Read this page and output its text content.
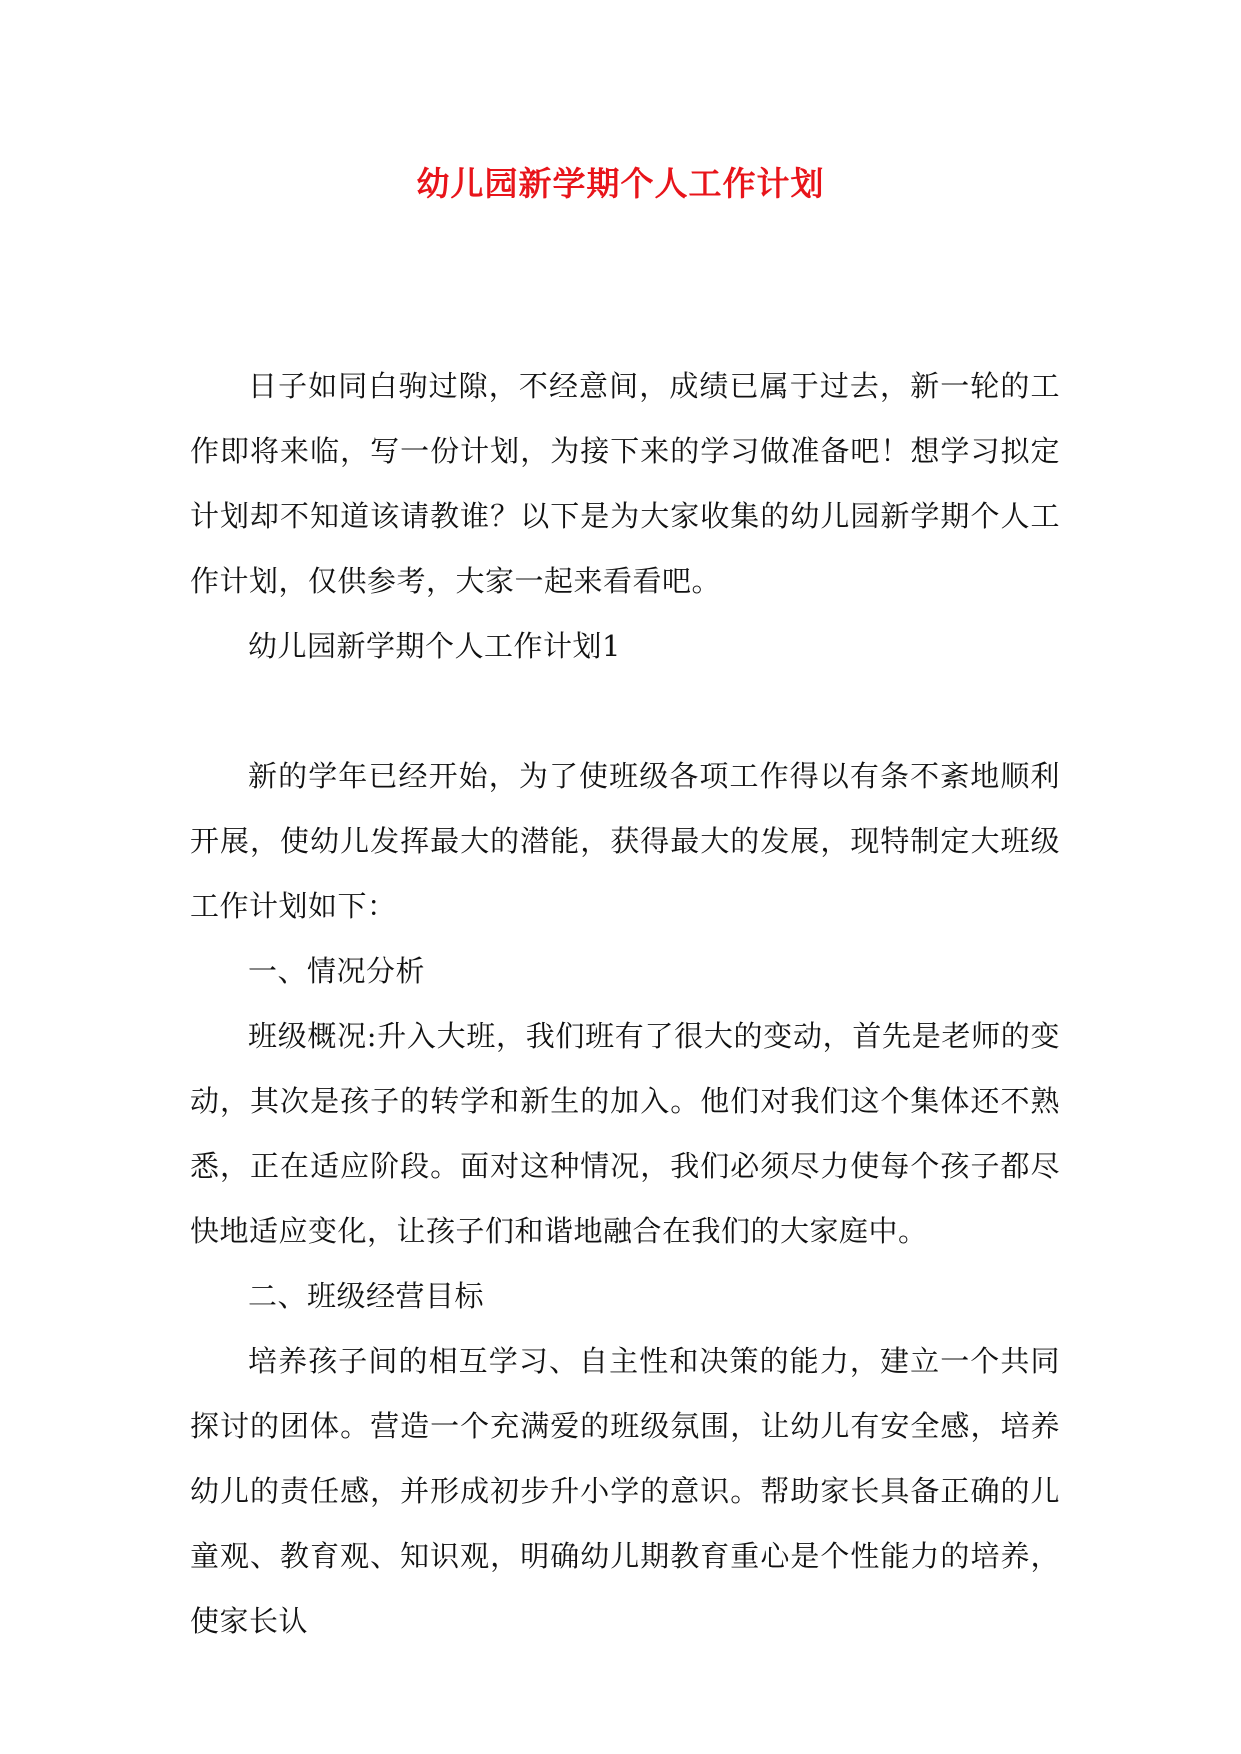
幼儿园新学期个人工作计划

日子如同白驹过隙，不经意间，成绩已属于过去，新一轮的工作即将来临，写一份计划，为接下来的学习做准备吧！想学习拟定计划却不知道该请教谁？以下是为大家收集的幼儿园新学期个人工作计划，仅供参考，大家一起来看看吧。

幼儿园新学期个人工作计划1

新的学年已经开始，为了使班级各项工作得以有条不紊地顺利开展，使幼儿发挥最大的潜能，获得最大的发展，现特制定大班级工作计划如下：

一、情况分析

班级概况:升入大班，我们班有了很大的变动，首先是老师的变动，其次是孩子的转学和新生的加入。他们对我们这个集体还不熟悉，正在适应阶段。面对这种情况，我们必须尽力使每个孩子都尽快地适应变化，让孩子们和谐地融合在我们的大家庭中。

二、班级经营目标

培养孩子间的相互学习、自主性和决策的能力，建立一个共同探讨的团体。营造一个充满爱的班级氛围，让幼儿有安全感，培养幼儿的责任感，并形成初步升小学的意识。帮助家长具备正确的儿童观、教育观、知识观，明确幼儿期教育重心是个性能力的培养，使家长认
